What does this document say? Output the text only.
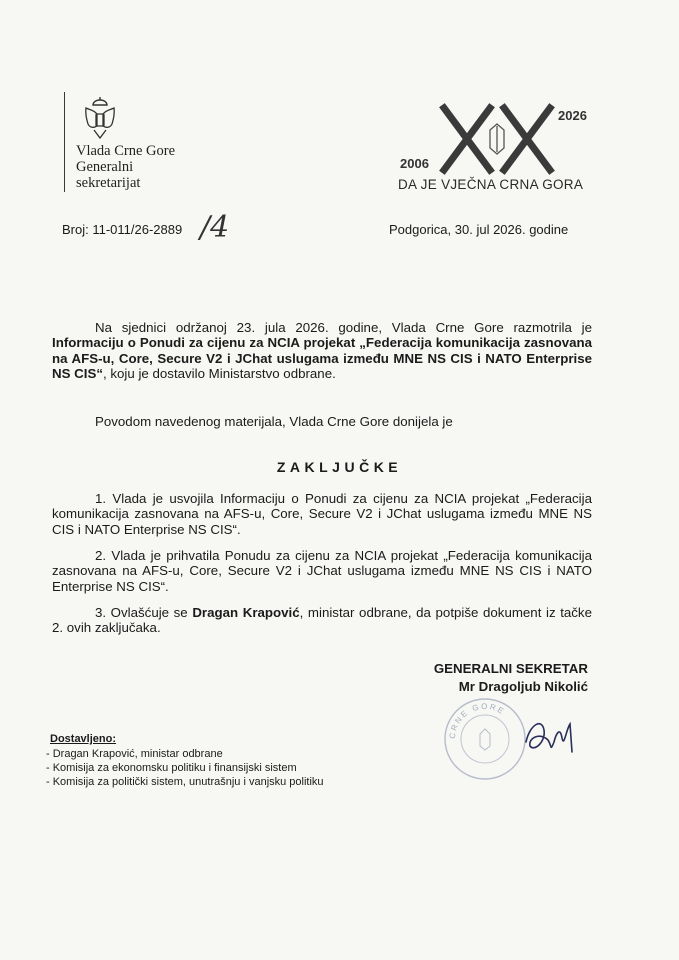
Vlada Crne Gore
Generalni
sekretarijat
2026
2006
DA JE VJEČNA CRNA GORA
Broj: 11-011/26-2889 /4	Podgorica, 30. jul 2026. godine
Na sjednici održanoj 23. jula 2026. godine, Vlada Crne Gore razmotrila je Informaciju o Ponudi za cijenu za NCIA projekat „Federacija komunikacija zasnovana na AFS-u, Core, Secure V2 i JChat uslugama između MNE NS CIS i NATO Enterprise NS CIS“, koju je dostavilo Ministarstvo odbrane.
Povodom navedenog materijala, Vlada Crne Gore donijela je
ZAKLJUČKE
1. Vlada je usvojila Informaciju o Ponudi za cijenu za NCIA projekat „Federacija komunikacija zasnovana na AFS-u, Core, Secure V2 i JChat uslugama između MNE NS CIS i NATO Enterprise NS CIS“.
2. Vlada je prihvatila Ponudu za cijenu za NCIA projekat „Federacija komunikacija zasnovana na AFS-u, Core, Secure V2 i JChat uslugama između MNE NS CIS i NATO Enterprise NS CIS“.
3. Ovlašćuje se Dragan Krapović, ministar odbrane, da potpiše dokument iz tačke 2. ovih zaključaka.
GENERALNI SEKRETAR
Mr Dragoljub Nikolić
CRNE GORE
Dostavljeno:
- Dragan Krapović, ministar odbrane
- Komisija za ekonomsku politiku i finansijski sistem
- Komisija za politički sistem, unutrašnju i vanjsku politiku
